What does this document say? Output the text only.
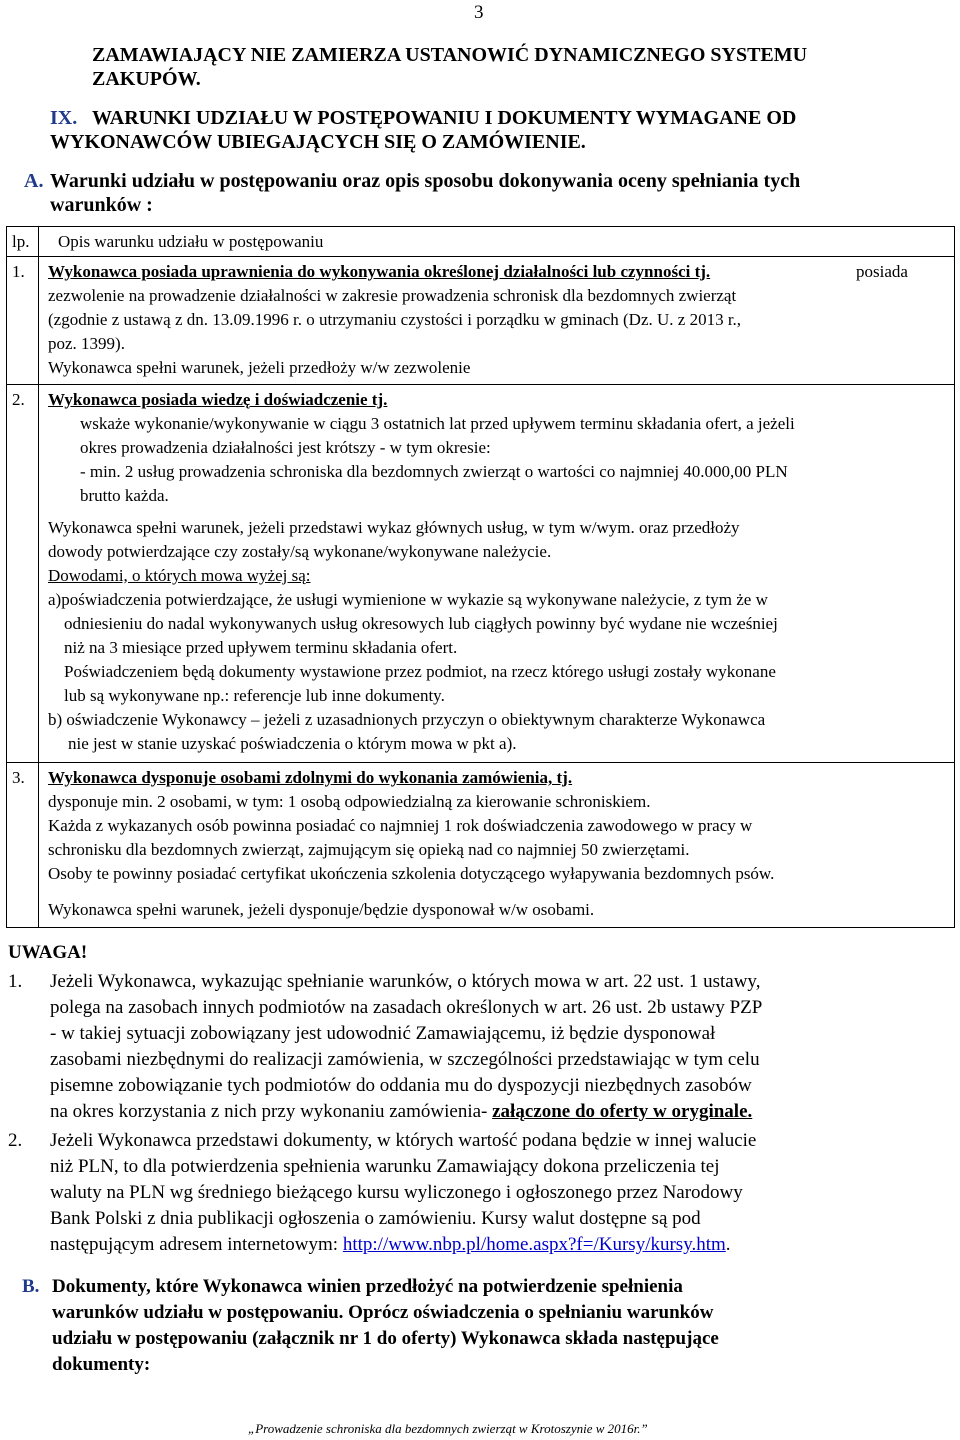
3
ZAMAWIAJĄCY NIE ZAMIERZA USTANOWIĆ DYNAMICZNEGO SYSTEMU
ZAKUPÓW.
IX. WARUNKI UDZIAŁU W POSTĘPOWANIU I DOKUMENTY WYMAGANE OD
WYKONAWCÓW UBIEGAJĄCYCH SIĘ O ZAMÓWIENIE.
A. Warunki udziału w postępowaniu oraz opis sposobu dokonywania oceny spełniania tych
warunków :
lp. Opis warunku udziału w postępowaniu
1. Wykonawca posiada uprawnienia do wykonywania określonej działalności lub czynności tj.	posiada
zezwolenie na prowadzenie działalności w zakresie prowadzenia schronisk dla bezdomnych zwierząt
(zgodnie z ustawą z dn. 13.09.1996 r. o utrzymaniu czystości i porządku w gminach (Dz. U. z 2013 r.,
poz. 1399).
Wykonawca spełni warunek, jeżeli przedłoży w/w zezwolenie
2. Wykonawca posiada wiedzę i doświadczenie tj.
wskaże wykonanie/wykonywanie w ciągu 3 ostatnich lat przed upływem terminu składania ofert, a jeżeli
okres prowadzenia działalności jest krótszy - w tym okresie:
- min. 2 usług prowadzenia schroniska dla bezdomnych zwierząt o wartości co najmniej 40.000,00 PLN
brutto każda.
Wykonawca spełni warunek, jeżeli przedstawi wykaz głównych usług, w tym w/wym. oraz przedłoży
dowody potwierdzające czy zostały/są wykonane/wykonywane należycie.
Dowodami, o których mowa wyżej są:
a)poświadczenia potwierdzające, że usługi wymienione w wykazie są wykonywane należycie, z tym że w
odniesieniu do nadal wykonywanych usług okresowych lub ciągłych powinny być wydane nie wcześniej
niż na 3 miesiące przed upływem terminu składania ofert.
Poświadczeniem będą dokumenty wystawione przez podmiot, na rzecz którego usługi zostały wykonane
lub są wykonywane np.: referencje lub inne dokumenty.
b) oświadczenie Wykonawcy – jeżeli z uzasadnionych przyczyn o obiektywnym charakterze Wykonawca
nie jest w stanie uzyskać poświadczenia o którym mowa w pkt a).
3. Wykonawca dysponuje osobami zdolnymi do wykonania zamówienia, tj.
dysponuje min. 2 osobami, w tym: 1 osobą odpowiedzialną za kierowanie schroniskiem.
Każda z wykazanych osób powinna posiadać co najmniej 1 rok doświadczenia zawodowego w pracy w
schronisku dla bezdomnych zwierząt, zajmującym się opieką nad co najmniej 50 zwierzętami.
Osoby te powinny posiadać certyfikat ukończenia szkolenia dotyczącego wyłapywania bezdomnych psów.
Wykonawca spełni warunek, jeżeli dysponuje/będzie dysponował w/w osobami.
UWAGA!
1. Jeżeli Wykonawca, wykazując spełnianie warunków, o których mowa w art. 22 ust. 1 ustawy,
polega na zasobach innych podmiotów na zasadach określonych w art. 26 ust. 2b ustawy PZP
- w takiej sytuacji zobowiązany jest udowodnić Zamawiającemu, iż będzie dysponował
zasobami niezbędnymi do realizacji zamówienia, w szczególności przedstawiając w tym celu
pisemne zobowiązanie tych podmiotów do oddania mu do dyspozycji niezbędnych zasobów
na okres korzystania z nich przy wykonaniu zamówienia- załączone do oferty w oryginale.
2. Jeżeli Wykonawca przedstawi dokumenty, w których wartość podana będzie w innej walucie
niż PLN, to dla potwierdzenia spełnienia warunku Zamawiający dokona przeliczenia tej
waluty na PLN wg średniego bieżącego kursu wyliczonego i ogłoszonego przez Narodowy
Bank Polski z dnia publikacji ogłoszenia o zamówieniu. Kursy walut dostępne są pod
następującym adresem internetowym: http://www.nbp.pl/home.aspx?f=/Kursy/kursy.htm.
B. Dokumenty, które Wykonawca winien przedłożyć na potwierdzenie spełnienia
warunków udziału w postępowaniu. Oprócz oświadczenia o spełnianiu warunków
udziału w postępowaniu (załącznik nr 1 do oferty) Wykonawca składa następujące
dokumenty:
„Prowadzenie schroniska dla bezdomnych zwierząt w Krotoszynie w 2016r.”
